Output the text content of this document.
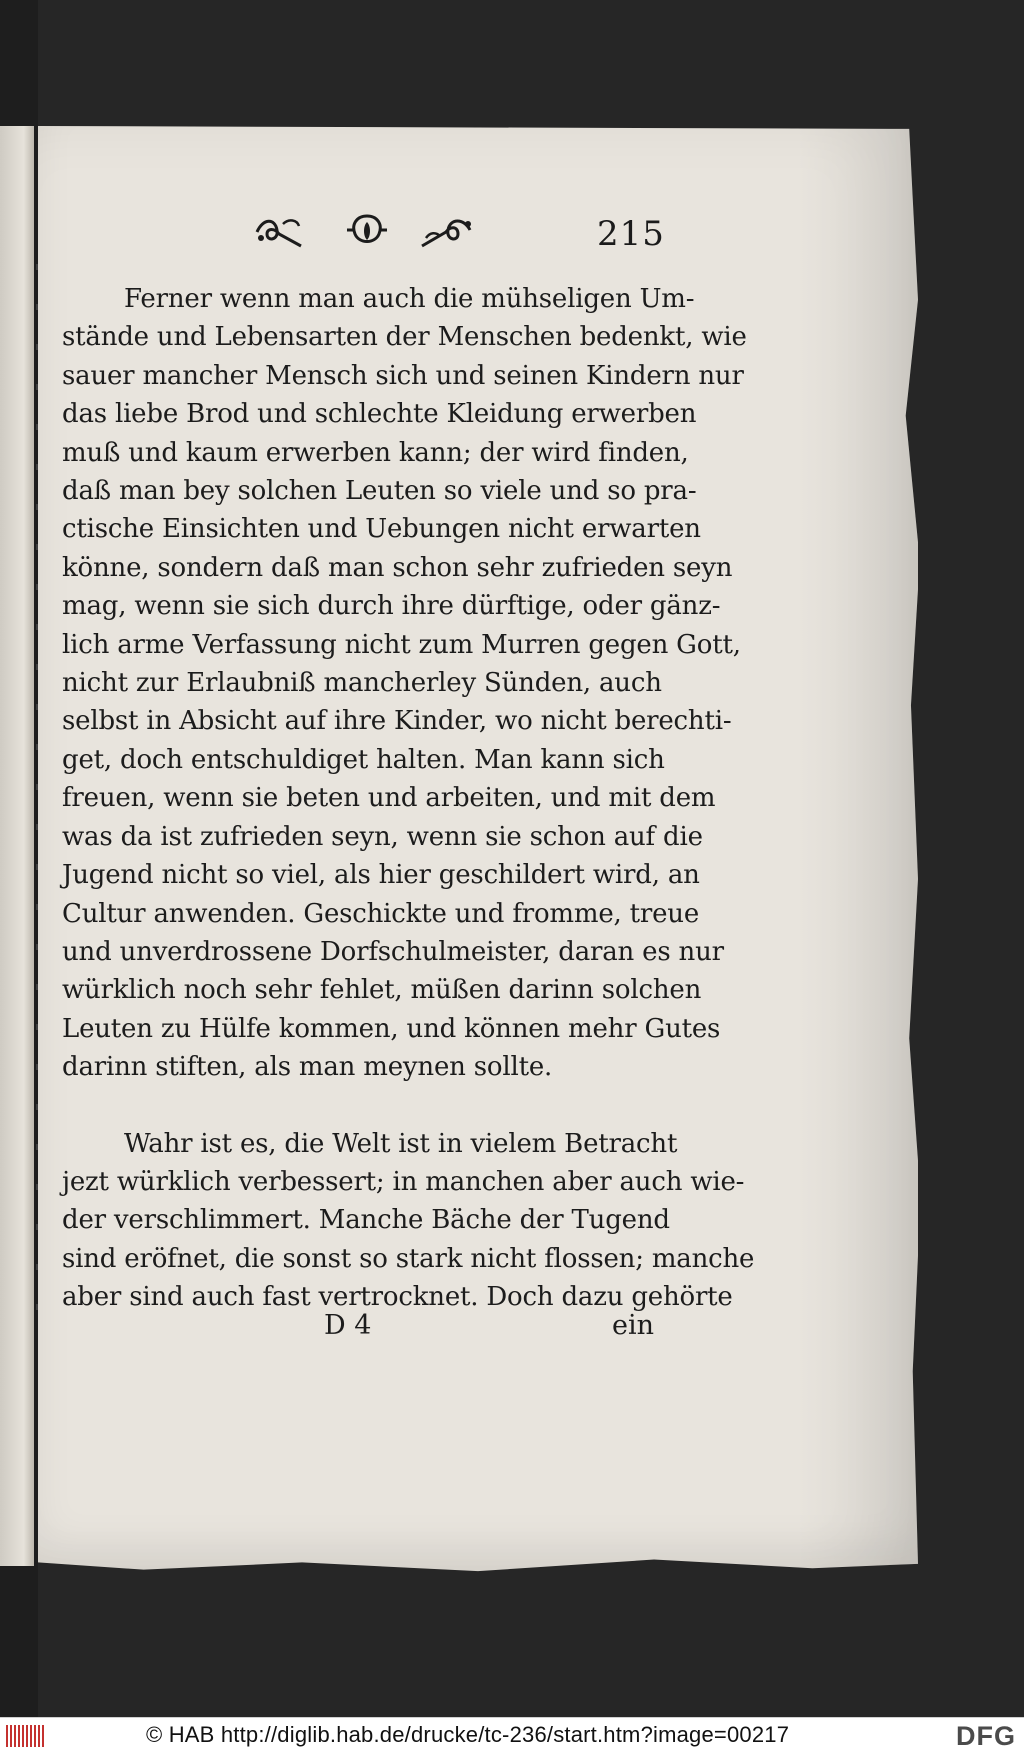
215
Ferner wenn man auch die mühseligen Um-
stände und Lebensarten der Menschen bedenkt, wie
sauer mancher Mensch sich und seinen Kindern nur
das liebe Brod und schlechte Kleidung erwerben
muß und kaum erwerben kann; der wird finden,
daß man bey solchen Leuten so viele und so pra-
ctische Einsichten und Uebungen nicht erwarten
könne, sondern daß man schon sehr zufrieden seyn
mag, wenn sie sich durch ihre dürftige, oder gänz-
lich arme Verfassung nicht zum Murren gegen Gott,
nicht zur Erlaubniß mancherley Sünden, auch
selbst in Absicht auf ihre Kinder, wo nicht berechti-
get, doch entschuldiget halten. Man kann sich
freuen, wenn sie beten und arbeiten, und mit dem
was da ist zufrieden seyn, wenn sie schon auf die
Jugend nicht so viel, als hier geschildert wird, an
Cultur anwenden. Geschickte und fromme, treue
und unverdrossene Dorfschulmeister, daran es nur
würklich noch sehr fehlet, müßen darinn solchen
Leuten zu Hülfe kommen, und können mehr Gutes
darinn stiften, als man meynen sollte.
Wahr ist es, die Welt ist in vielem Betracht
jezt würklich verbessert; in manchen aber auch wie-
der verschlimmert. Manche Bäche der Tugend
sind eröfnet, die sonst so stark nicht flossen; manche
aber sind auch fast vertrocknet. Doch dazu gehörte
D 4	ein
© HAB http://diglib.hab.de/drucke/tc-236/start.htm?image=00217	DFG
